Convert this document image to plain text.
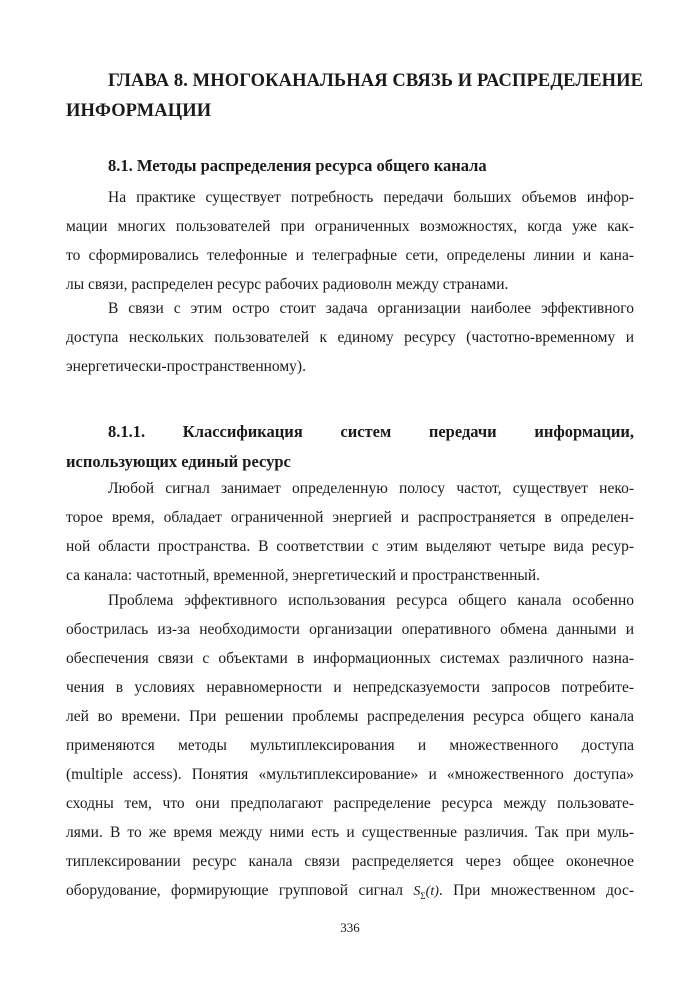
ГЛАВА 8. МНОГОКАНАЛЬНАЯ СВЯЗЬ И РАСПРЕДЕЛЕНИЕ
ИНФОРМАЦИИ
8.1. Методы распределения ресурса общего канала
На практике существует потребность передачи больших объемов инфор-
мации многих пользователей при ограниченных возможностях, когда уже как-
то сформировались телефонные и телеграфные сети, определены линии и кана-
лы связи, распределен ресурс рабочих радиоволн между странами.
В связи с этим остро стоит задача организации наиболее эффективного
доступа нескольких пользователей к единому ресурсу (частотно-временному и
энергетически-пространственному).
8.1.1. Классификация систем передачи информации,
использующих единый ресурс
Любой сигнал занимает определенную полосу частот, существует неко-
торое время, обладает ограниченной энергией и распространяется в определен-
ной области пространства. В соответствии с этим выделяют четыре вида ресур-
са канала: частотный, временной, энергетический и пространственный.
Проблема эффективного использования ресурса общего канала особенно
обострилась из-за необходимости организации оперативного обмена данными и
обеспечения связи с объектами в информационных системах различного назна-
чения в условиях неравномерности и непредсказуемости запросов потребите-
лей во времени. При решении проблемы распределения ресурса общего канала
применяются методы мультиплексирования и множественного доступа
(multiple access). Понятия «мультиплексирование» и «множественного доступа»
сходны тем, что они предполагают распределение ресурса между пользовате-
лями. В то же время между ними есть и существенные различия. Так при муль-
типлексировании ресурс канала связи распределяется через общее оконечное
оборудование, формирующие групповой сигнал $S_\Sigma(t)$. При множественном дос-
336
